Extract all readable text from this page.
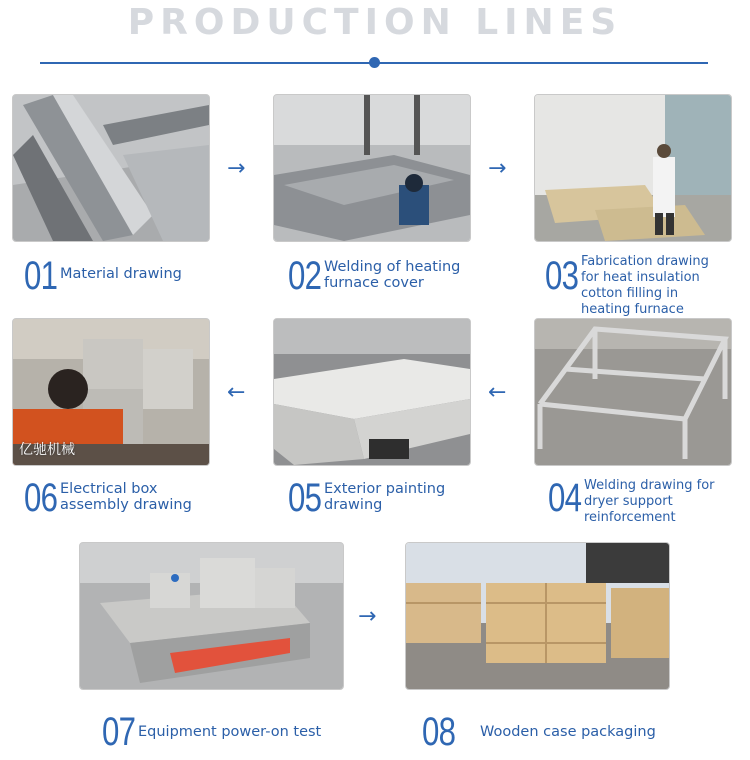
PRODUCTION LINES
→	→
01 Material drawing	02 Welding of heating
furnace cover	03 Fabrication drawing
for heat insulation
cotton filling in
heating furnace
亿驰机械
←	←
06 Electrical box
assembly drawing 05 Exterior painting
drawing	04 Welding drawing for
dryer support
reinforcement
→
07 Equipment power-on test	08 Wooden case packaging
